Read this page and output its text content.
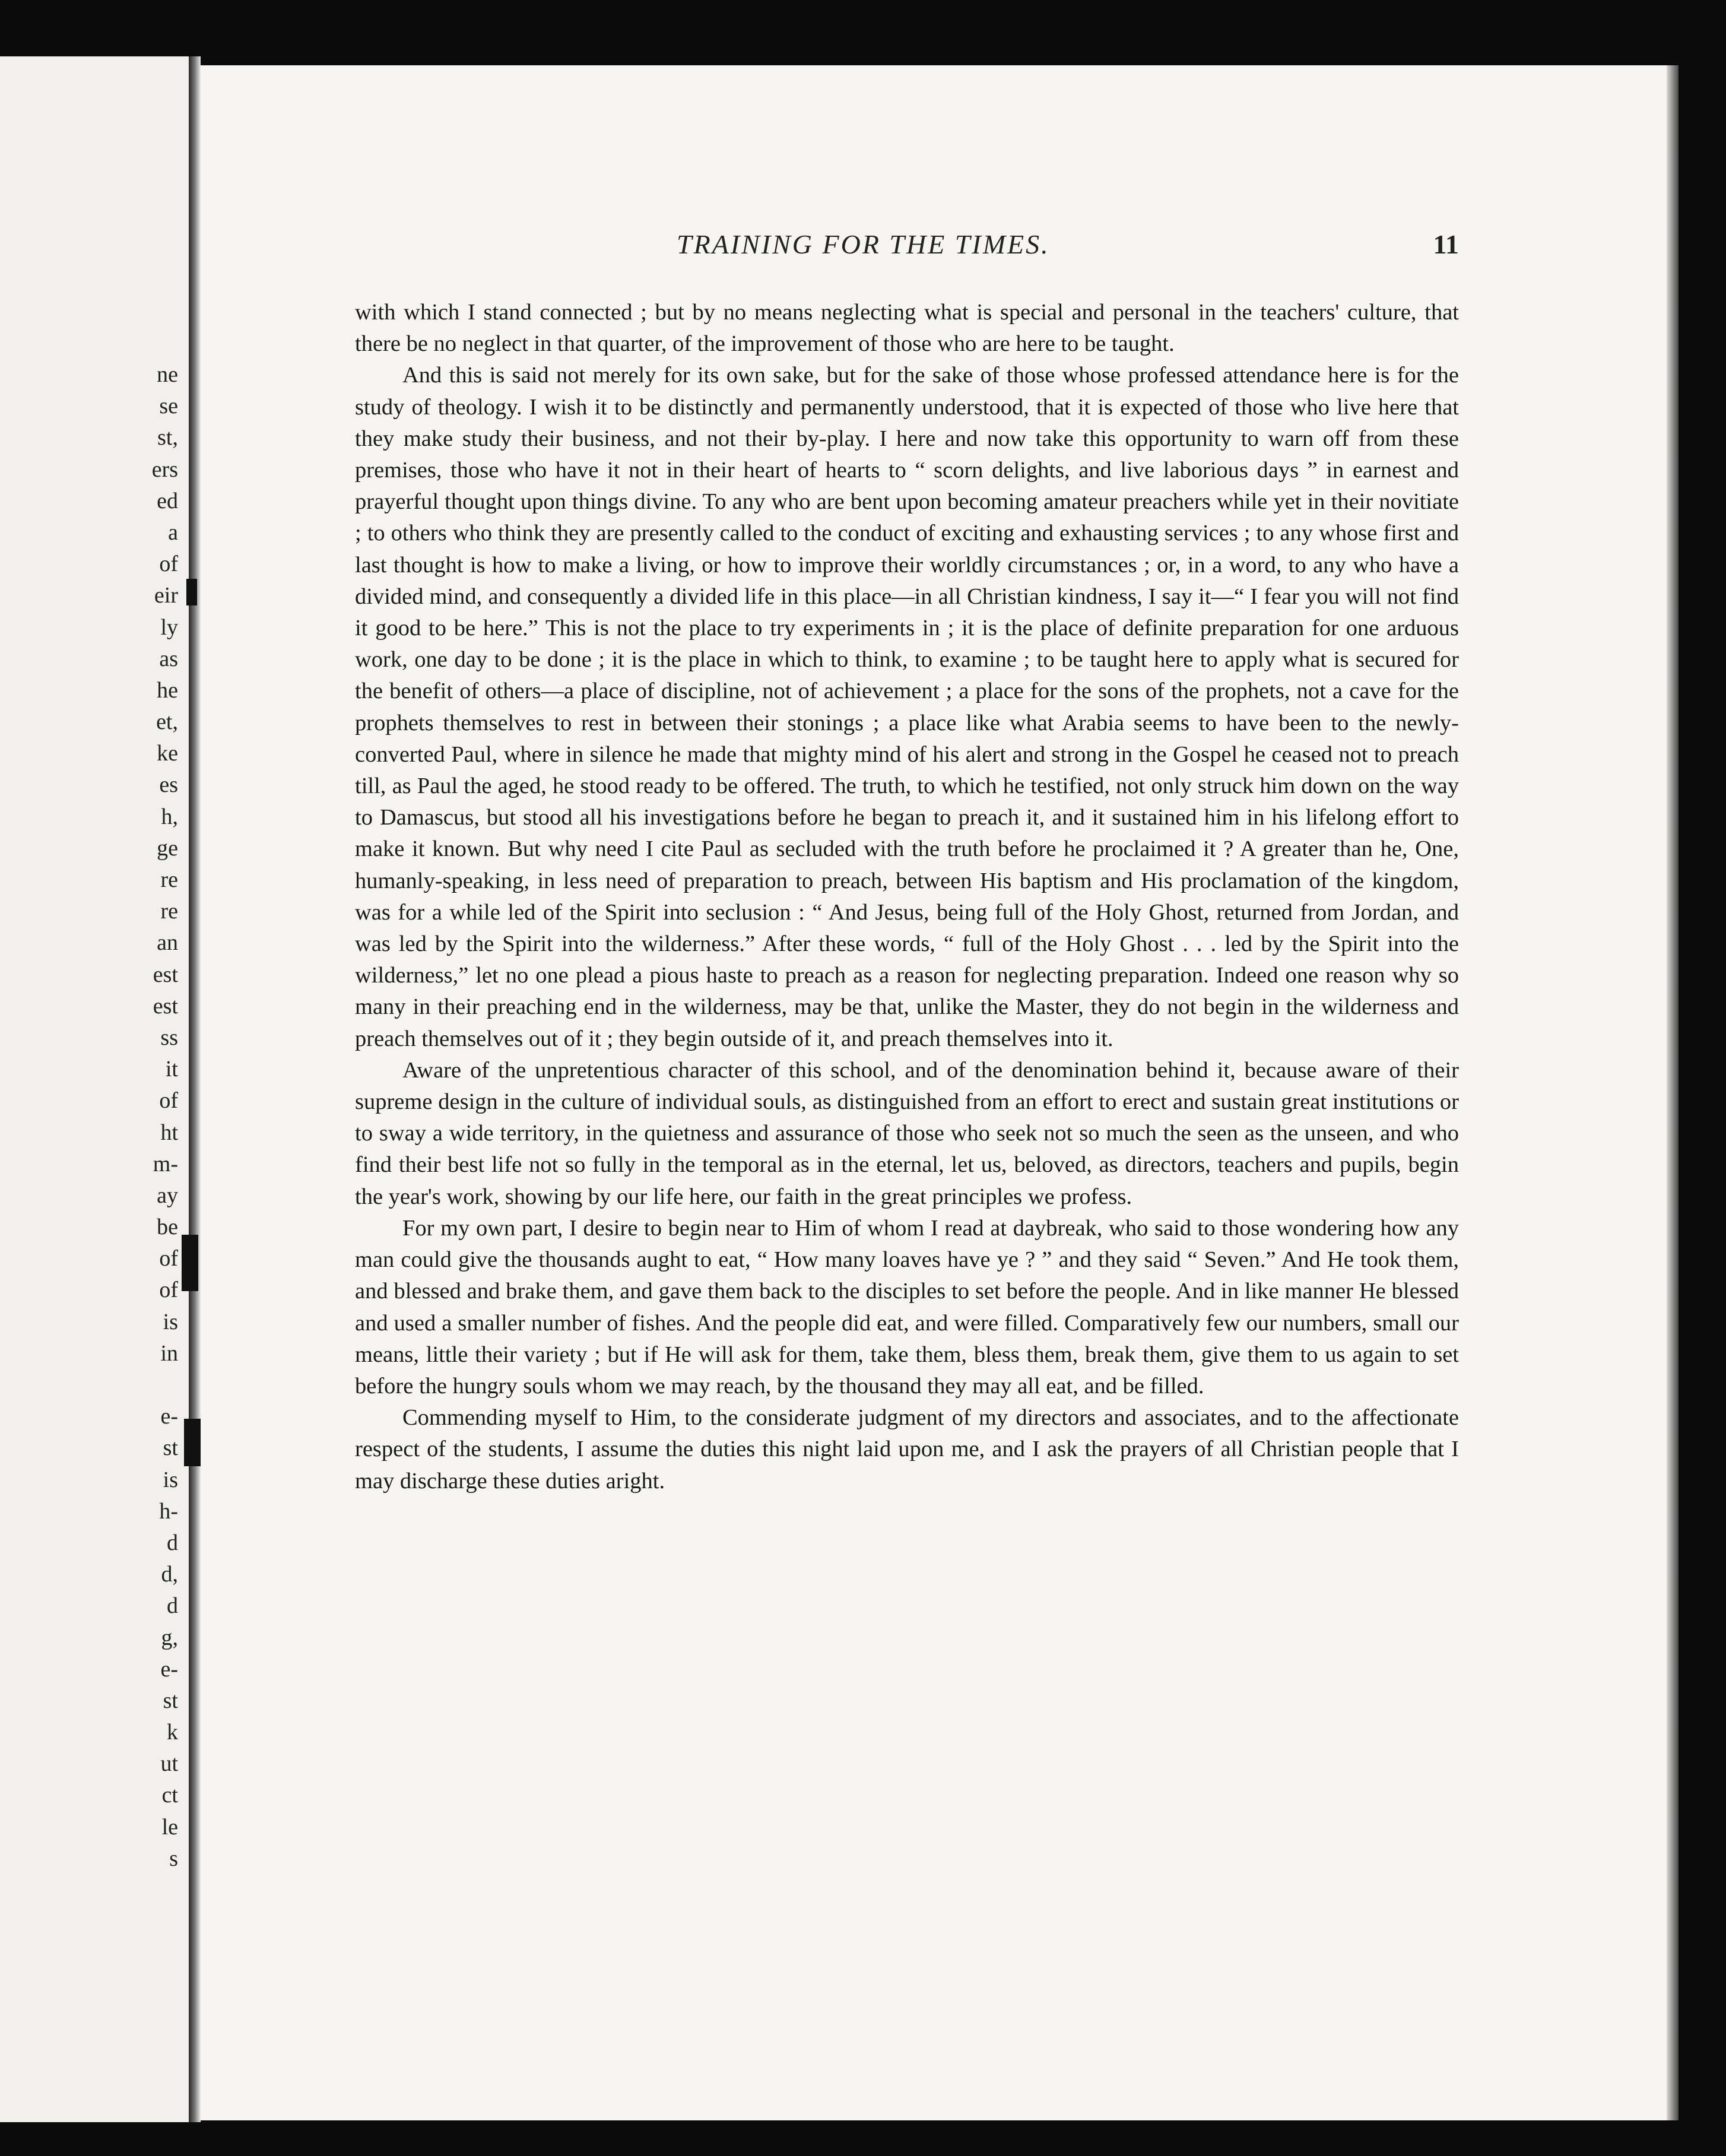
ne
se
st,
ers
ed
a
of
eir
ly
as
he
et,
ke
es
h,
ge
re
re
an
est
est
ss
it
of
ht
m-
ay
be
of
of
is
in
e-
st
is
h-
d
d,
d
g,
e-
st
k
ut
ct
le
s
TRAINING FOR THE TIMES.	11

with which I stand connected ; but by no means neglecting what is special and personal in the teachers' culture, that there be no neglect in that quarter, of the improvement of those who are here to be taught.

And this is said not merely for its own sake, but for the sake of those whose professed attendance here is for the study of theology. I wish it to be distinctly and permanently understood, that it is expected of those who live here that they make study their business, and not their by-play. I here and now take this opportunity to warn off from these premises, those who have it not in their heart of hearts to “ scorn delights, and live laborious days ” in earnest and prayerful thought upon things divine. To any who are bent upon becoming amateur preachers while yet in their novitiate ; to others who think they are presently called to the conduct of exciting and exhausting services ; to any whose first and last thought is how to make a living, or how to improve their worldly circumstances ; or, in a word, to any who have a divided mind, and consequently a divided life in this place—in all Christian kindness, I say it—“ I fear you will not find it good to be here.” This is not the place to try experiments in ; it is the place of definite preparation for one arduous work, one day to be done ; it is the place in which to think, to examine ; to be taught here to apply what is secured for the benefit of others—a place of discipline, not of achievement ; a place for the sons of the prophets, not a cave for the prophets themselves to rest in between their stonings ; a place like what Arabia seems to have been to the newly-converted Paul, where in silence he made that mighty mind of his alert and strong in the Gospel he ceased not to preach till, as Paul the aged, he stood ready to be offered. The truth, to which he testified, not only struck him down on the way to Damascus, but stood all his investigations before he began to preach it, and it sustained him in his lifelong effort to make it known. But why need I cite Paul as secluded with the truth before he proclaimed it ? A greater than he, One, humanly-speaking, in less need of preparation to preach, between His baptism and His proclamation of the kingdom, was for a while led of the Spirit into seclusion : “ And Jesus, being full of the Holy Ghost, returned from Jordan, and was led by the Spirit into the wilderness.” After these words, “ full of the Holy Ghost . . . led by the Spirit into the wilderness,” let no one plead a pious haste to preach as a reason for neglecting preparation. Indeed one reason why so many in their preaching end in the wilderness, may be that, unlike the Master, they do not begin in the wilderness and preach themselves out of it ; they begin outside of it, and preach themselves into it.

Aware of the unpretentious character of this school, and of the denomination behind it, because aware of their supreme design in the culture of individual souls, as distinguished from an effort to erect and sustain great institutions or to sway a wide territory, in the quietness and assurance of those who seek not so much the seen as the unseen, and who find their best life not so fully in the temporal as in the eternal, let us, beloved, as directors, teachers and pupils, begin the year's work, showing by our life here, our faith in the great principles we profess.

For my own part, I desire to begin near to Him of whom I read at daybreak, who said to those wondering how any man could give the thousands aught to eat, “ How many loaves have ye ? ” and they said “ Seven.” And He took them, and blessed and brake them, and gave them back to the disciples to set before the people. And in like manner He blessed and used a smaller number of fishes. And the people did eat, and were filled. Comparatively few our numbers, small our means, little their variety ; but if He will ask for them, take them, bless them, break them, give them to us again to set before the hungry souls whom we may reach, by the thousand they may all eat, and be filled.

Commending myself to Him, to the considerate judgment of my directors and associates, and to the affectionate respect of the students, I assume the duties this night laid upon me, and I ask the prayers of all Christian people that I may discharge these duties aright.
